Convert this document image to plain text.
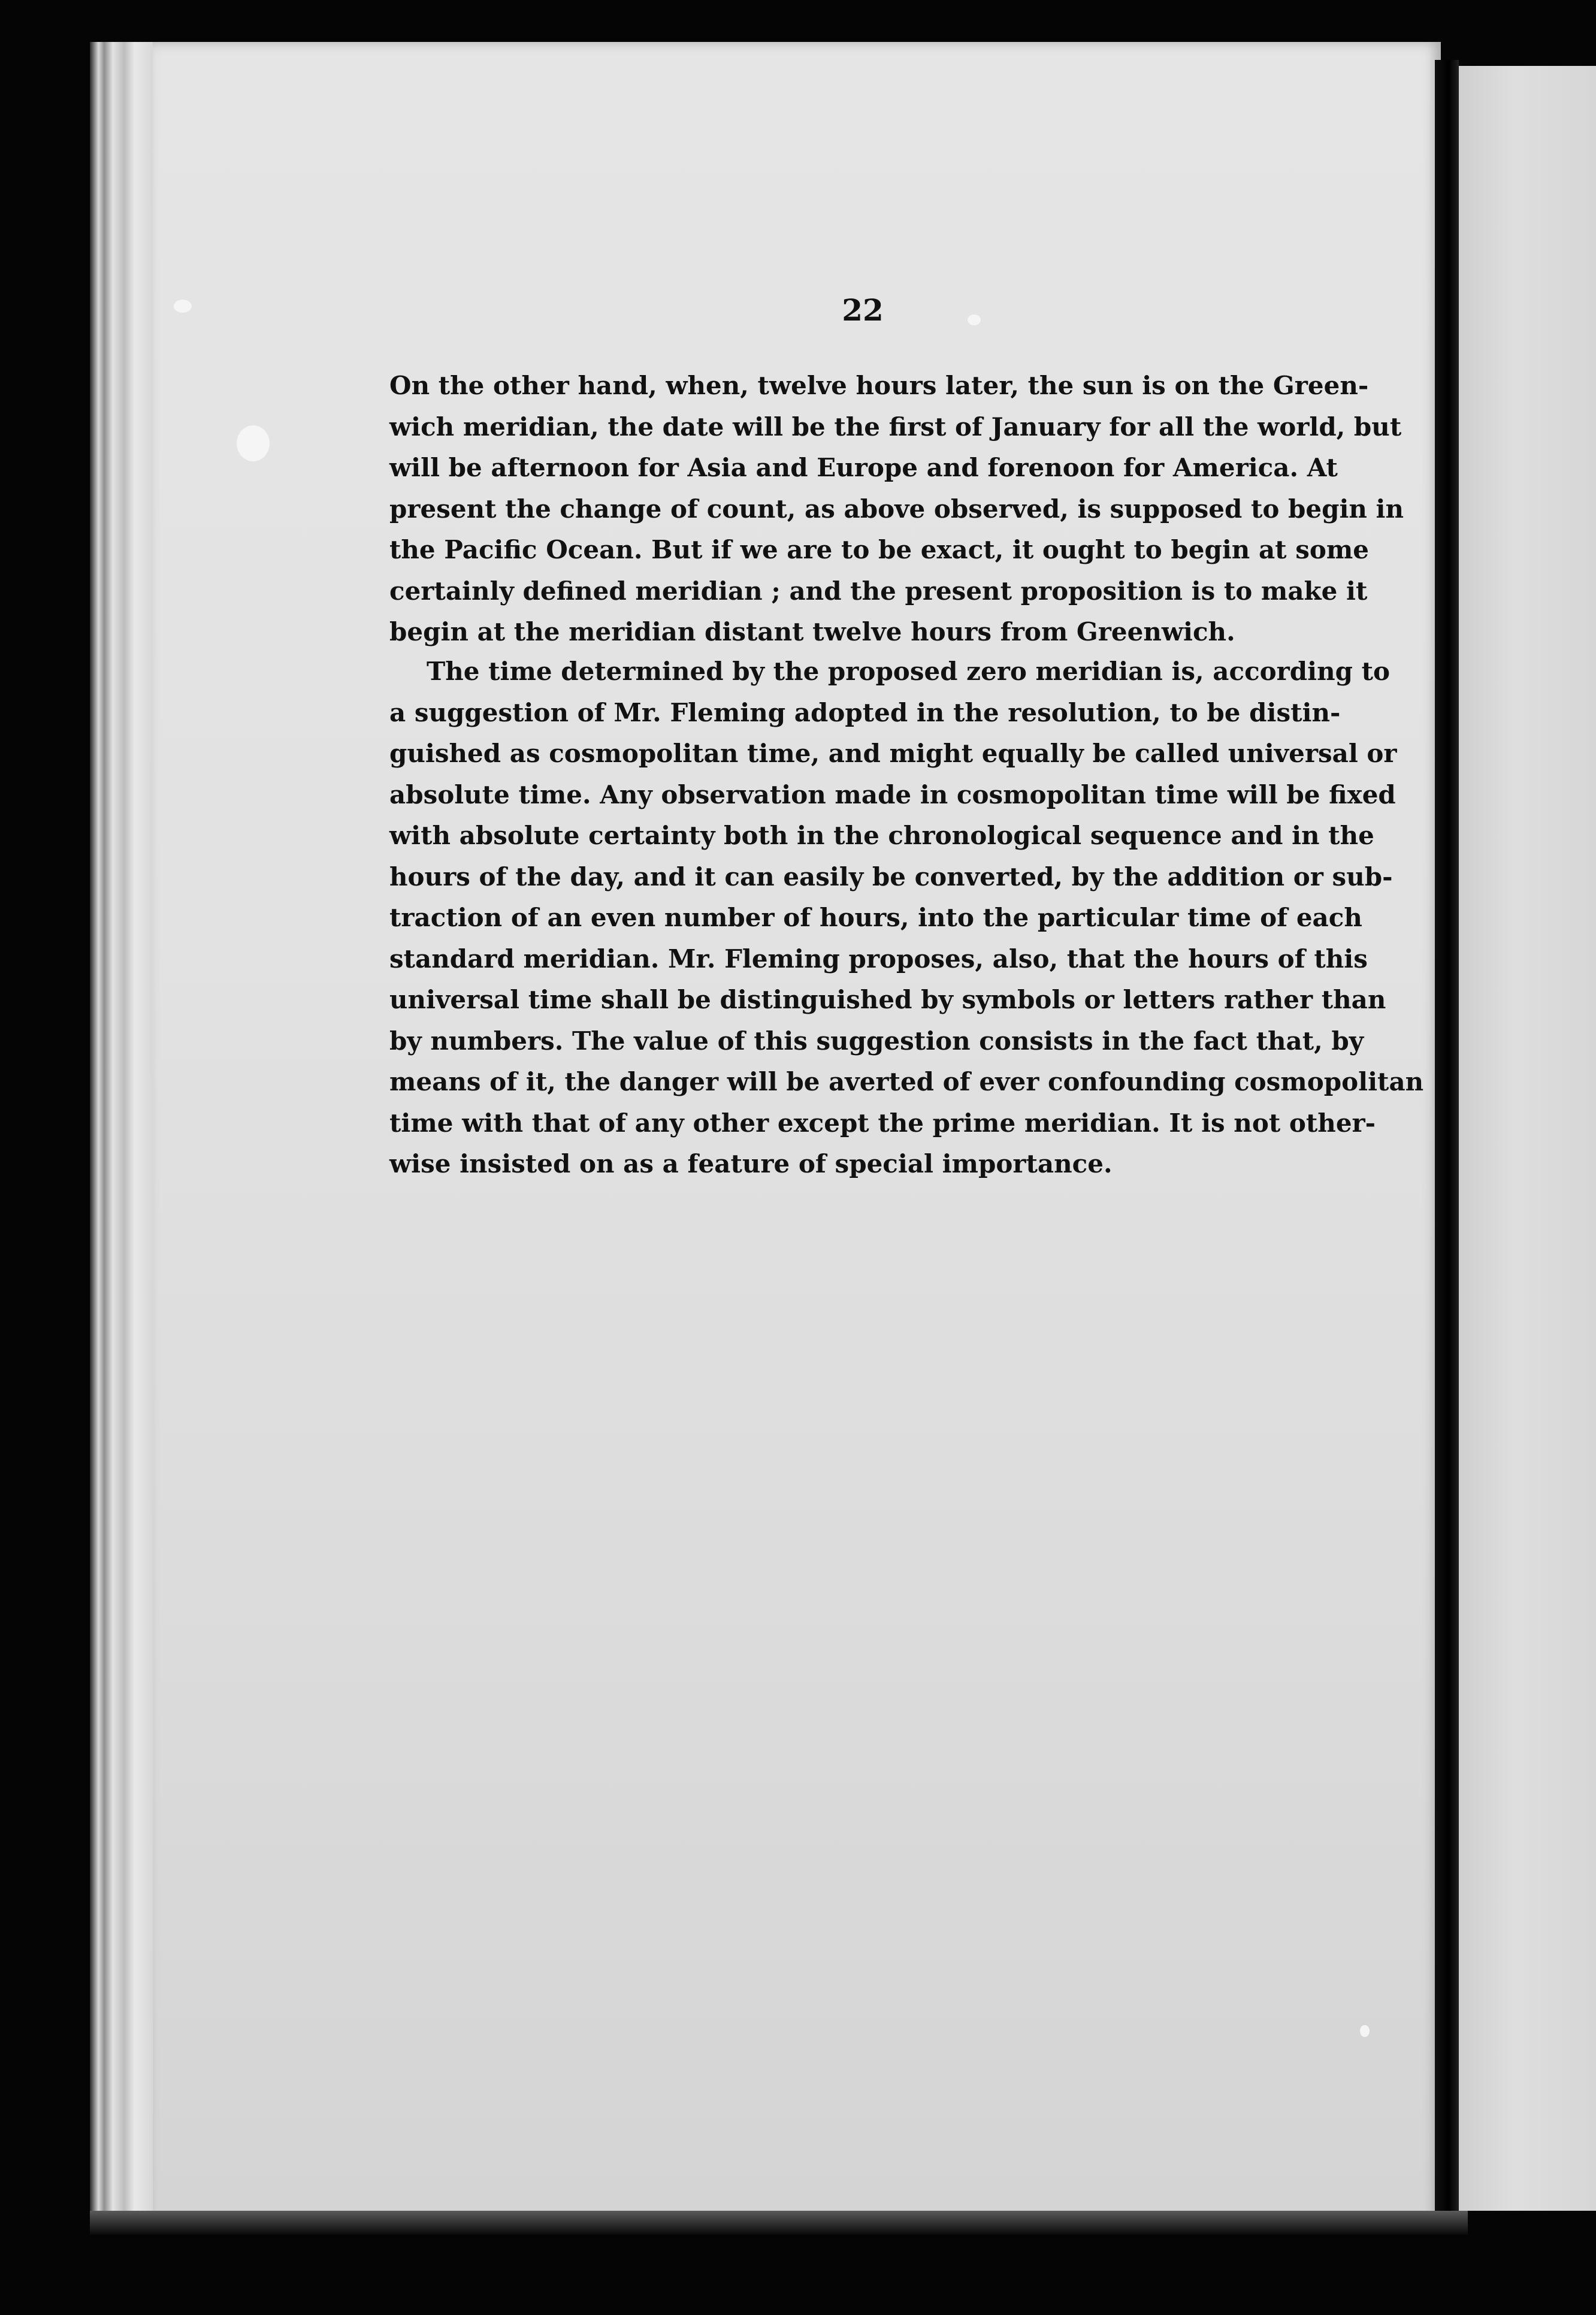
22
On the other hand, when, twelve hours later, the sun is on the Green-
wich meridian, the date will be the first of January for all the world, but
will be afternoon for Asia and Europe and forenoon for America. At
present the change of count, as above observed, is supposed to begin in
the Pacific Ocean. But if we are to be exact, it ought to begin at some
certainly defined meridian ; and the present proposition is to make it
begin at the meridian distant twelve hours from Greenwich.
The time determined by the proposed zero meridian is, according to
a suggestion of Mr. Fleming adopted in the resolution, to be distin-
guished as cosmopolitan time, and might equally be called universal or
absolute time. Any observation made in cosmopolitan time will be fixed
with absolute certainty both in the chronological sequence and in the
hours of the day, and it can easily be converted, by the addition or sub-
traction of an even number of hours, into the particular time of each
standard meridian. Mr. Fleming proposes, also, that the hours of this
universal time shall be distinguished by symbols or letters rather than
by numbers. The value of this suggestion consists in the fact that, by
means of it, the danger will be averted of ever confounding cosmopolitan
time with that of any other except the prime meridian. It is not other-
wise insisted on as a feature of special importance.
